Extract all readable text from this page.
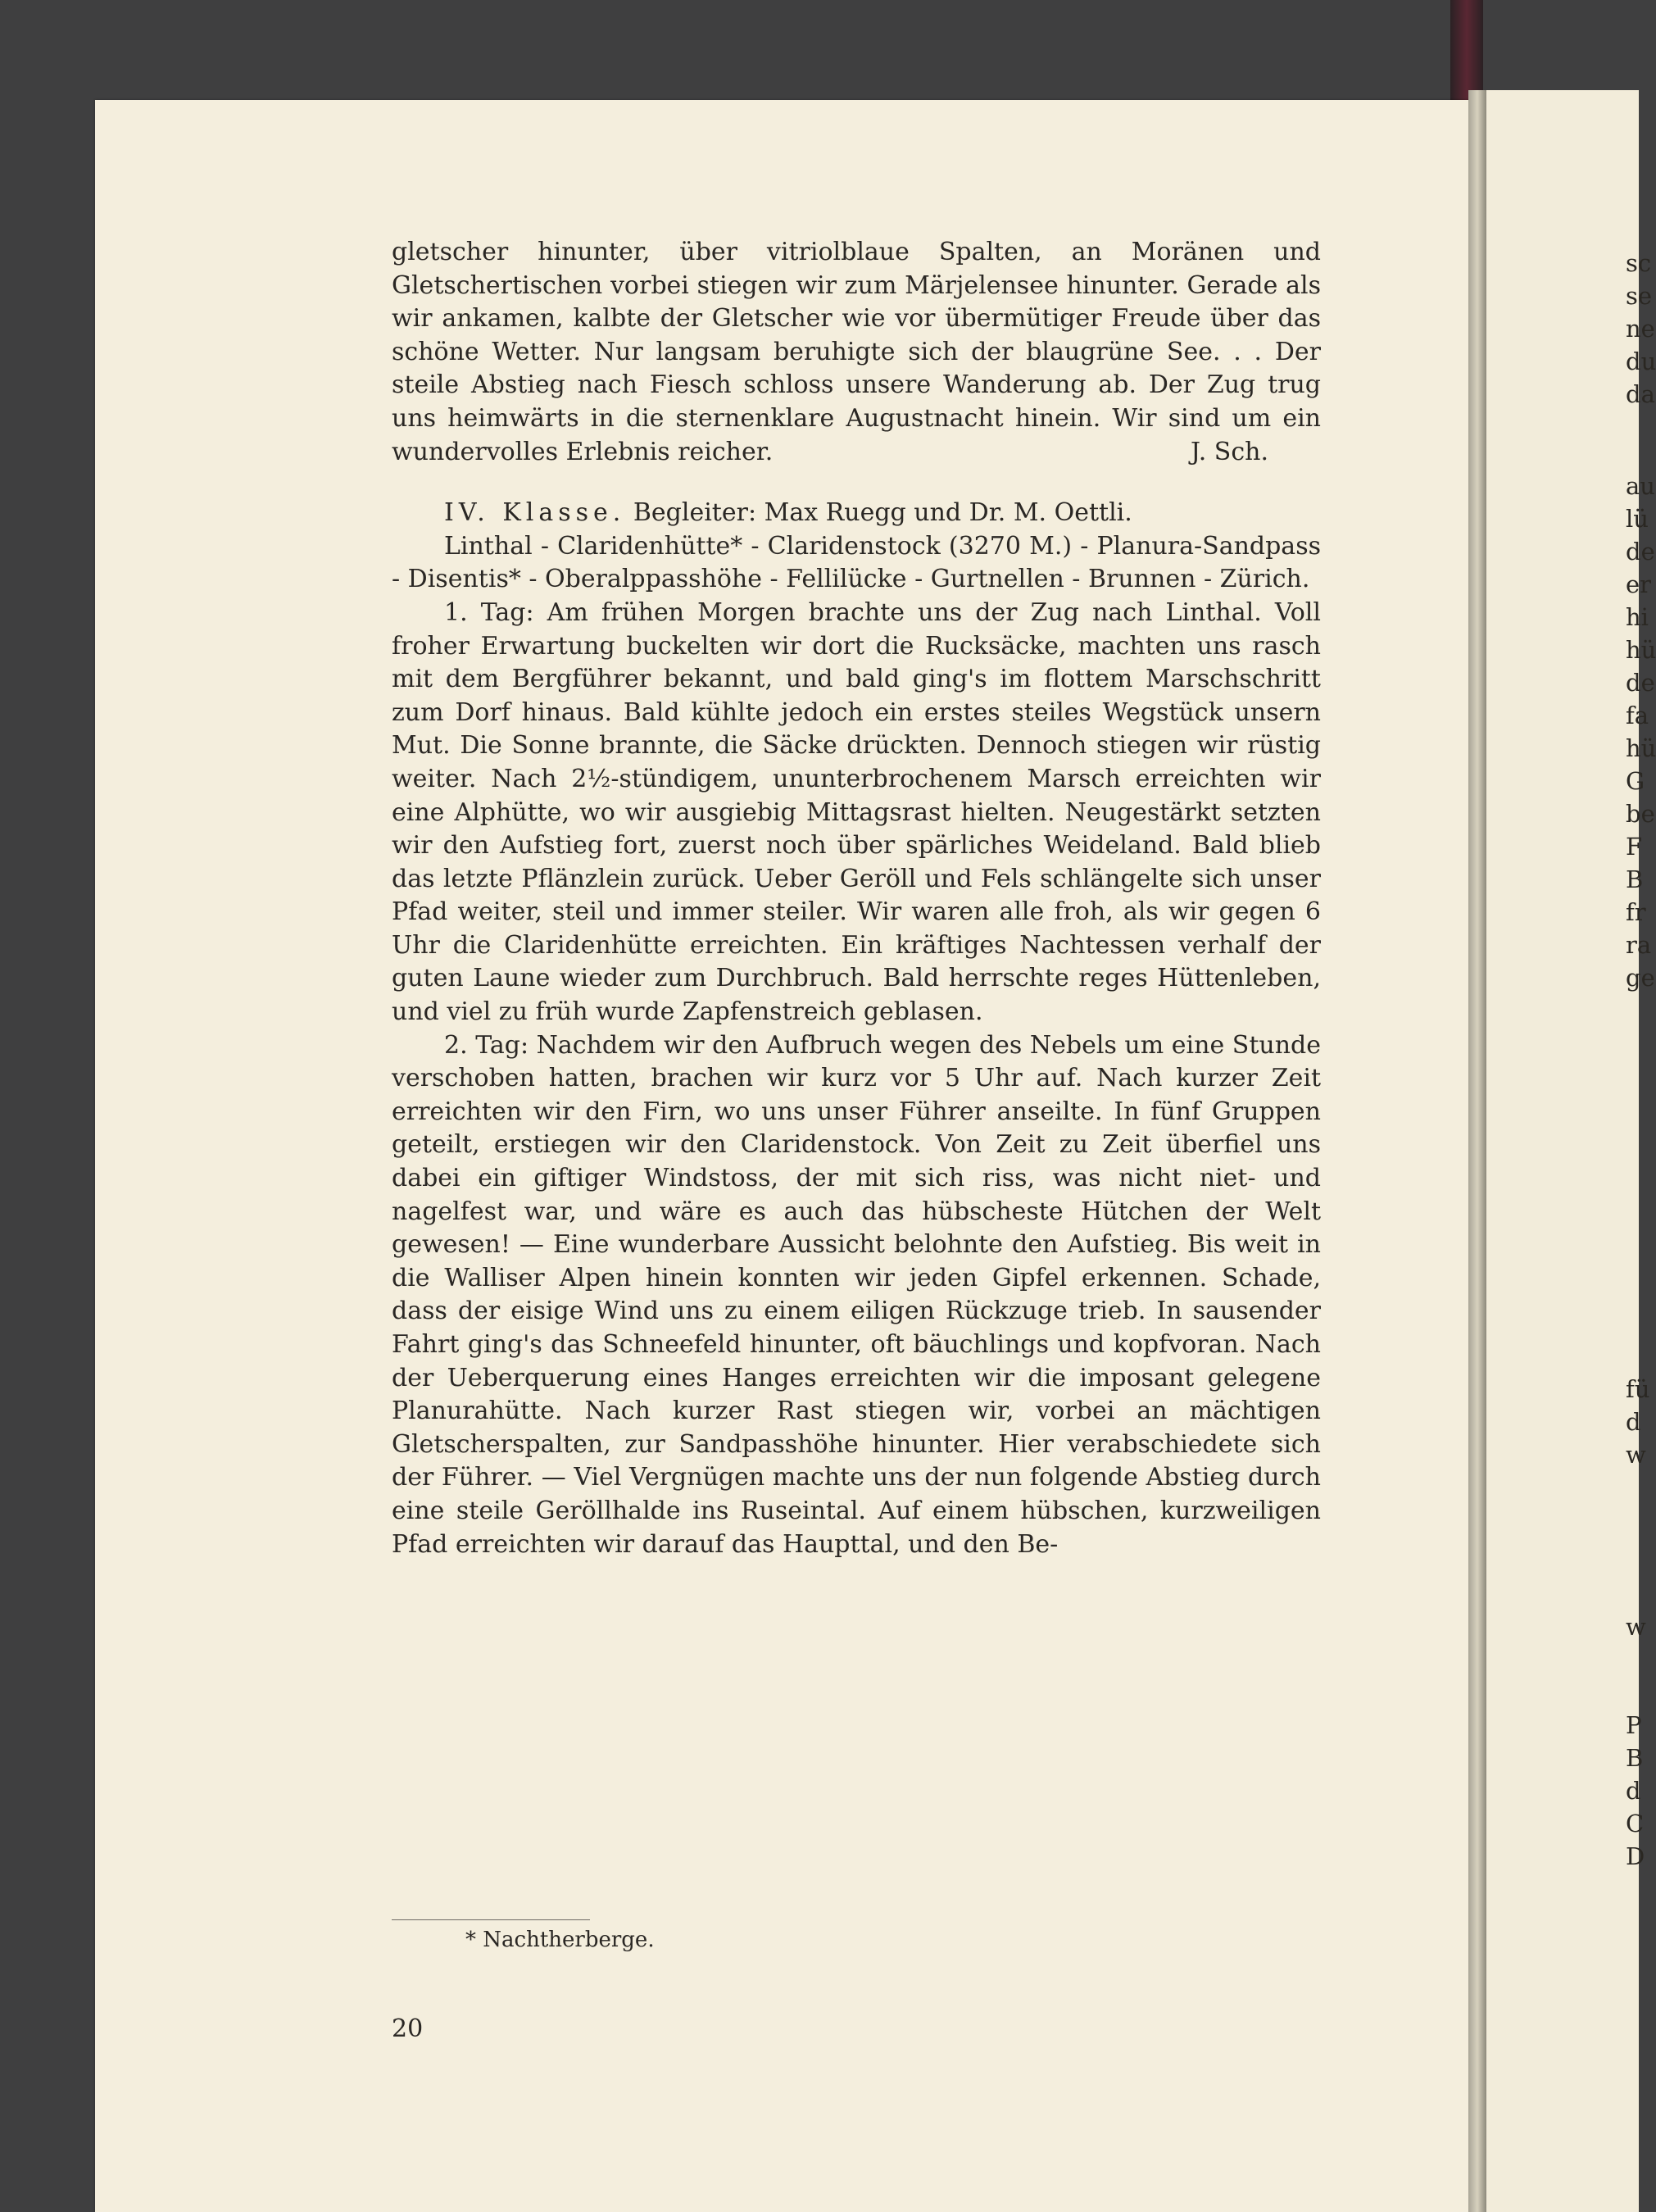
gletscher hinunter, über vitriolblaue Spalten, an Moränen und Gletschertischen vorbei stiegen wir zum Märjelensee hinunter. Gerade als wir ankamen, kalbte der Gletscher wie vor übermütiger Freude über das schöne Wetter. Nur langsam beruhigte sich der blaugrüne See. . . Der steile Abstieg nach Fiesch schloss unsere Wanderung ab. Der Zug trug uns heimwärts in die sternenklare Augustnacht hinein. Wir sind um ein wundervolles Erlebnis reicher.	J. Sch.

IV. Klasse. Begleiter: Max Ruegg und Dr. M. Oettli.

Linthal - Claridenhütte* - Claridenstock (3270 M.) - Planura-Sandpass - Disentis* - Oberalppasshöhe - Fellilücke - Gurtnellen - Brunnen - Zürich.

1. Tag: Am frühen Morgen brachte uns der Zug nach Linthal. Voll froher Erwartung buckelten wir dort die Rucksäcke, machten uns rasch mit dem Bergführer bekannt, und bald ging's im flottem Marschschritt zum Dorf hinaus. Bald kühlte jedoch ein erstes steiles Wegstück unsern Mut. Die Sonne brannte, die Säcke drückten. Dennoch stiegen wir rüstig weiter. Nach 2½-stündigem, ununterbrochenem Marsch erreichten wir eine Alphütte, wo wir ausgiebig Mittagsrast hielten. Neugestärkt setzten wir den Aufstieg fort, zuerst noch über spärliches Weideland. Bald blieb das letzte Pflänzlein zurück. Ueber Geröll und Fels schlängelte sich unser Pfad weiter, steil und immer steiler. Wir waren alle froh, als wir gegen 6 Uhr die Claridenhütte erreichten. Ein kräftiges Nachtessen verhalf der guten Laune wieder zum Durchbruch. Bald herrschte reges Hüttenleben, und viel zu früh wurde Zapfenstreich geblasen.

2. Tag: Nachdem wir den Aufbruch wegen des Nebels um eine Stunde verschoben hatten, brachen wir kurz vor 5 Uhr auf. Nach kurzer Zeit erreichten wir den Firn, wo uns unser Führer anseilte. In fünf Gruppen geteilt, erstiegen wir den Claridenstock. Von Zeit zu Zeit überfiel uns dabei ein giftiger Windstoss, der mit sich riss, was nicht niet- und nagelfest war, und wäre es auch das hübscheste Hütchen der Welt gewesen! — Eine wunderbare Aussicht belohnte den Aufstieg. Bis weit in die Walliser Alpen hinein konnten wir jeden Gipfel erkennen. Schade, dass der eisige Wind uns zu einem eiligen Rückzuge trieb. In sausender Fahrt ging's das Schneefeld hinunter, oft bäuchlings und kopfvoran. Nach der Ueberquerung eines Hanges erreichten wir die imposant gelegene Planurahütte. Nach kurzer Rast stiegen wir, vorbei an mächtigen Gletscherspalten, zur Sandpasshöhe hinunter. Hier verabschiedete sich der Führer. — Viel Vergnügen machte uns der nun folgende Abstieg durch eine steile Geröllhalde ins Ruseintal. Auf einem hübschen, kurzweiligen Pfad erreichten wir darauf das Haupttal, und den Be-

* Nachtherberge.
20
sc
se
ne
du
da
au
lü
de
er
hi
hü
de
fa
hü
G
be
F
B
fr
ra
ge
fü
d
w
w
P
B
d
C
D
